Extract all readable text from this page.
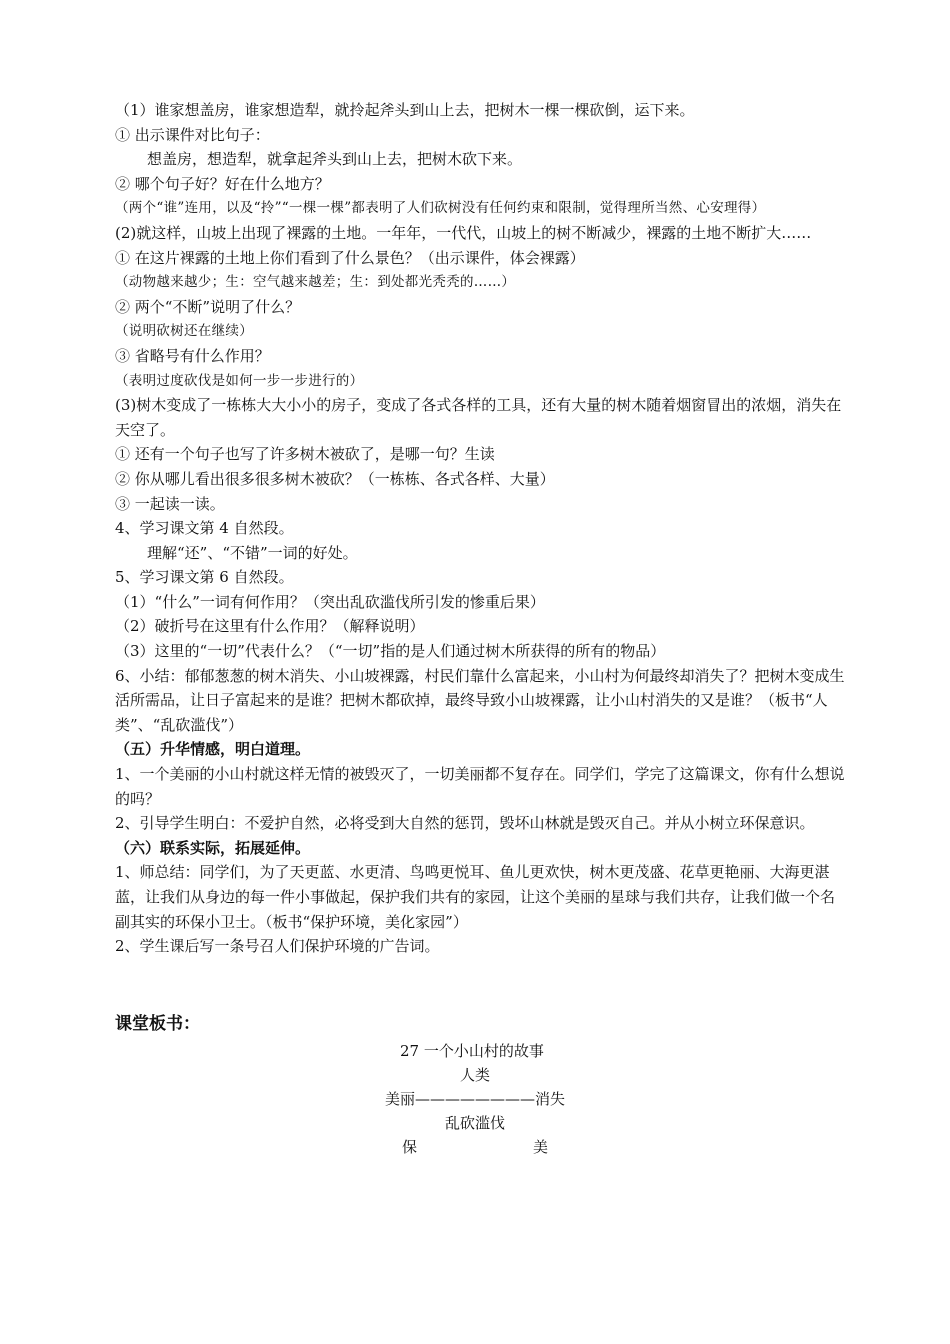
（1）谁家想盖房，谁家想造犁，就拎起斧头到山上去，把树木一棵一棵砍倒，运下来。
① 出示课件对比句子：
想盖房，想造犁，就拿起斧头到山上去，把树木砍下来。
② 哪个句子好？好在什么地方？
（两个“谁”连用，以及“拎”“一棵一棵”都表明了人们砍树没有任何约束和限制，觉得理所当然、心安理得）
(2)就这样，山坡上出现了裸露的土地。一年年，一代代，山坡上的树不断减少，裸露的土地不断扩大……
① 在这片裸露的土地上你们看到了什么景色？（出示课件，体会裸露）
（动物越来越少；生：空气越来越差；生：到处都光秃秃的……）
② 两个“不断”说明了什么？
（说明砍树还在继续）
③ 省略号有什么作用？
（表明过度砍伐是如何一步一步进行的）
(3)树木变成了一栋栋大大小小的房子，变成了各式各样的工具，还有大量的树木随着烟窗冒出的浓烟，消失在天空了。
① 还有一个句子也写了许多树木被砍了，是哪一句？生读
② 你从哪儿看出很多很多树木被砍？（一栋栋、各式各样、大量）
③ 一起读一读。
4、学习课文第 4 自然段。
理解“还”、“不错”一词的好处。
5、学习课文第 6 自然段。
（1）“什么”一词有何作用？（突出乱砍滥伐所引发的惨重后果）
（2）破折号在这里有什么作用？（解释说明）
（3）这里的“一切”代表什么？（“一切”指的是人们通过树木所获得的所有的物品）
6、小结：郁郁葱葱的树木消失、小山坡裸露，村民们靠什么富起来，小山村为何最终却消失了？把树木变成生活所需品，让日子富起来的是谁？把树木都砍掉，最终导致小山坡裸露，让小山村消失的又是谁？（板书“人类”、“乱砍滥伐”）
（五）升华情感，明白道理。
1、一个美丽的小山村就这样无情的被毁灭了，一切美丽都不复存在。同学们，学完了这篇课文，你有什么想说的吗？
2、引导学生明白：不爱护自然，必将受到大自然的惩罚，毁坏山林就是毁灭自己。并从小树立环保意识。
（六）联系实际，拓展延伸。
1、师总结：同学们，为了天更蓝、水更清、鸟鸣更悦耳、鱼儿更欢快，树木更茂盛、花草更艳丽、大海更湛蓝，让我们从身边的每一件小事做起，保护我们共有的家园，让这个美丽的星球与我们共存，让我们做一个名副其实的环保小卫士。（板书“保护环境，美化家园”）
2、学生课后写一条号召人们保护环境的广告词。
课堂板书：
27 一个小山村的故事
人类
美丽————————消失
乱砍滥伐
保	美
